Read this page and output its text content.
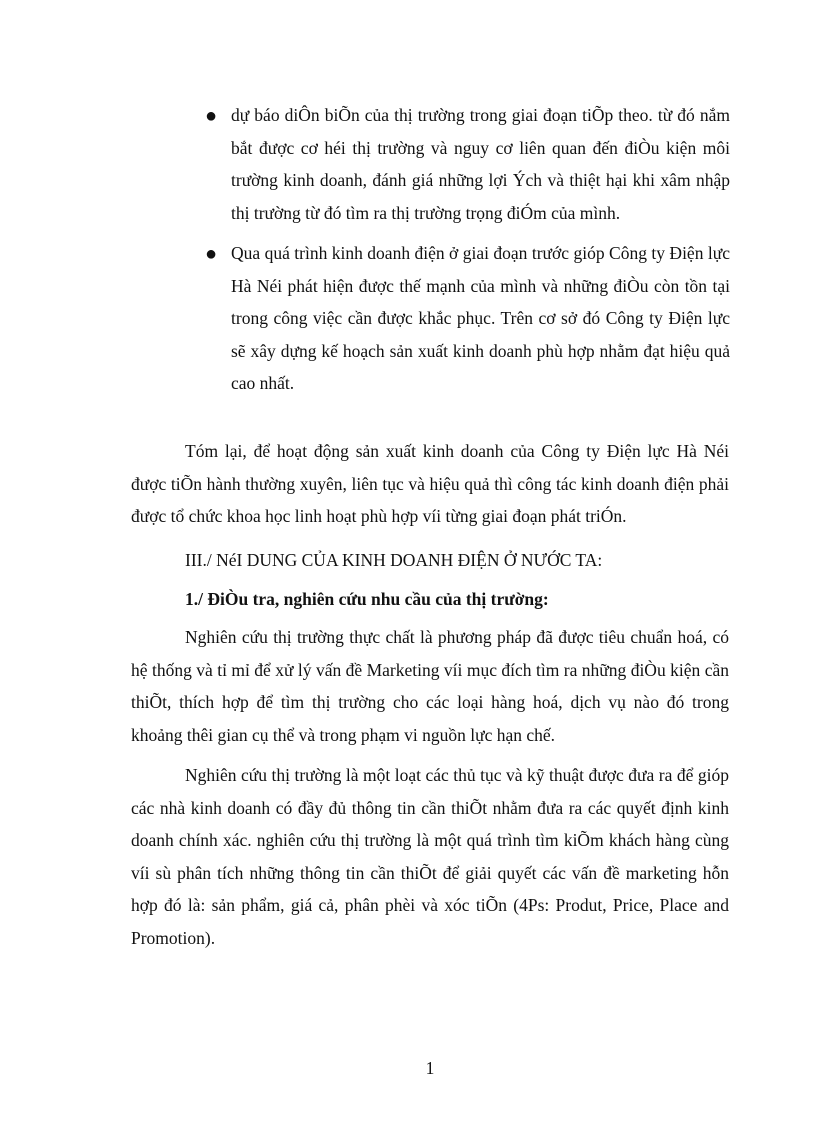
● dự báo diÔn biÕn của thị trường trong giai đoạn tiÕp theo. từ đó nắm bắt được cơ héi thị trường và nguy cơ liên quan đến điÒu kiện môi trường kinh doanh, đánh giá những lợi Ých và thiệt hại khi xâm nhập thị trường từ đó tìm ra thị trường trọng điÓm của mình.
● Qua quá trình kinh doanh điện ở giai đoạn trước gióp Công ty Điện lực Hà Néi phát hiện được thế mạnh của mình và những điÒu còn tồn tại trong công việc cần được khắc phục. Trên cơ sở đó Công ty Điện lực sẽ xây dựng kế hoạch sản xuất kinh doanh phù hợp nhằm đạt hiệu quả cao nhất.

Tóm lại, để hoạt động sản xuất kinh doanh của Công ty Điện lực Hà Néi được tiÕn hành thường xuyên, liên tục và hiệu quả thì công tác kinh doanh điện phải được tổ chức khoa học linh hoạt phù hợp víi từng giai đoạn phát triÓn.

III./ NéI DUNG CỦA KINH DOANH ĐIỆN Ở NƯỚC TA:

1./ ĐiÒu tra, nghiên cứu nhu cầu của thị trường:

Nghiên cứu thị trường thực chất là phương pháp đã được tiêu chuẩn hoá, có hệ thống và tỉ mỉ để xử lý vấn đề Marketing víi mục đích tìm ra những điÒu kiện cần thiÕt, thích hợp để tìm thị trường cho các loại hàng hoá, dịch vụ nào đó trong khoảng thêi gian cụ thể và trong phạm vi nguồn lực hạn chế.

Nghiên cứu thị trường là một loạt các thủ tục và kỹ thuật được đưa ra để gióp các nhà kinh doanh có đầy đủ thông tin cần thiÕt nhằm đưa ra các quyết định kinh doanh chính xác. nghiên cứu thị trường là một quá trình tìm kiÕm khách hàng cùng víi sù phân tích những thông tin cần thiÕt để giải quyết các vấn đề marketing hỗn hợp đó là: sản phẩm, giá cả, phân phèi và xóc tiÕn (4Ps: Produt, Price, Place and Promotion).

1
